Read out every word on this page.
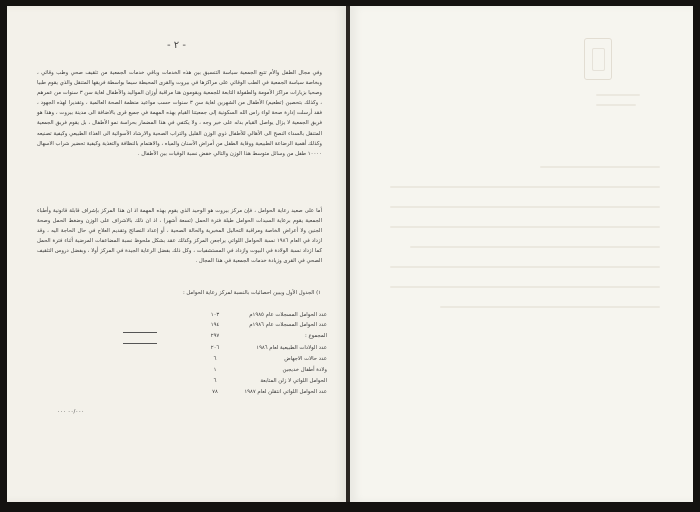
- ٢ -

وفي مجال الطفل والأم تتبع الجمعية سياسة التنسيق بين هذه الخدمات وباقي خدمات الجمعية من تثقيف صحي وطب وقائي ، وبخاصة سياسة الجمعية في الطب الوقائي على مراكزها في بيروت والقرى المحيطة سيما بواسطة فريقها المتنقل والذي يقوم طبيا وصحيا بزيارات مراكز الأمومة والطفولة التابعة للجمعية ويقومون هنا مراقبة أوزان المواليد والأطفال لغاية سن ٣ سنوات من عمرهم ، وكذلك بتحصين (تطعيم) الأطفال من الشهرين لغاية سن ٣ سنوات حسب مواعيد منظمة الصحة العالمية ، وتقديرا لهذه الجهود ، فقد أرسلت إدارة صحة لواء راس الله السكونية إلى جمعيتنا القيام بهذه المهمة في جميع قرى بالاضافة الى مدينة بيروت ، وهذا هو فريق الجمعية لا يزال يواصل القيام بدله على خير وجه ، ولا يكتفي في هذا المضمار بحراسة نمو الأطفال ، بل يقوم فريق الجمعية المتنقل بالسداء النصح الى الأهالي للأطفال ذوي الوزن القليل والتراب الصحية والارشاد الأسوائية الى الغذاء الطبيعي وكيفية تصنيعه وكذلك أهمية الرضاعة الطبيعية ووقاية الطفل من أمراض الأسنان والمياه ، والاهتمام بالنظافة والتغذية وكيفية تحضير شراب الاسهال ١٠٠٠٠ طفل من وسائل متوسط هذا الوزن والتالي خفض نسبة الوفيات بين الأطفال .

أما على صعيد رعاية الحوامل ، فإن مركز بيروت هو الوحيد الذي يقوم بهذه المهمة اذ ان هذا المركز بإشراف قابلة قانونية وأطباء الجمعية يقوم برعاية السيدات الحوامل طيلة فترة الحمل (تسعة أشهر) ، اذ ان ذلك بالاشراف على الوزن وضغط الحمل وصحة الجنين ولا أعراض الخاصة ومراقبة التحاليل المخبرية والحالة الصحية ، أو إعداد النصائح وتقديم العلاج في حال الحاجة اليه ، وقد ازداد في العام ١٩٨٦ نسبة الحوامل اللواتي يراجعن المركز وكذلك عقد بشكل ملحوظ نسبة المضاعفات المرضية أثناء فترة الحمل كما ازداد نسبة الولادة في البيوت وازداد في المستشفيات ، وكل ذلك بفضل الرعاية الجيدة في المركز أولا ، وبفضل دروس التثقيف الصحي في القرى وزيادة خدمات الجمعية في هذا المجال .

١) الجدول الأول ويبين احصائيات بالنسبة لمركز رعاية الحوامل :
عدد الحوامل المسجلات عام ١٩٨٥م
١٠٣
عدد الحوامل المسجلات عام ١٩٨٦م
١٩٤
المجموع :
٢٩٧
عدد الولادات الطبيعية لعام ١٩٨٦
٢٠٦
عدد حالات الاجهاض
٦
ولادة أطفال خديجين
١
الحوامل اللواتي لا زلن المتابعة
٦
عدد الحوامل اللواتي انتقلن لعام ١٩٨٧
٧٨
٠٠/٠٠٠ ٠٠٠
